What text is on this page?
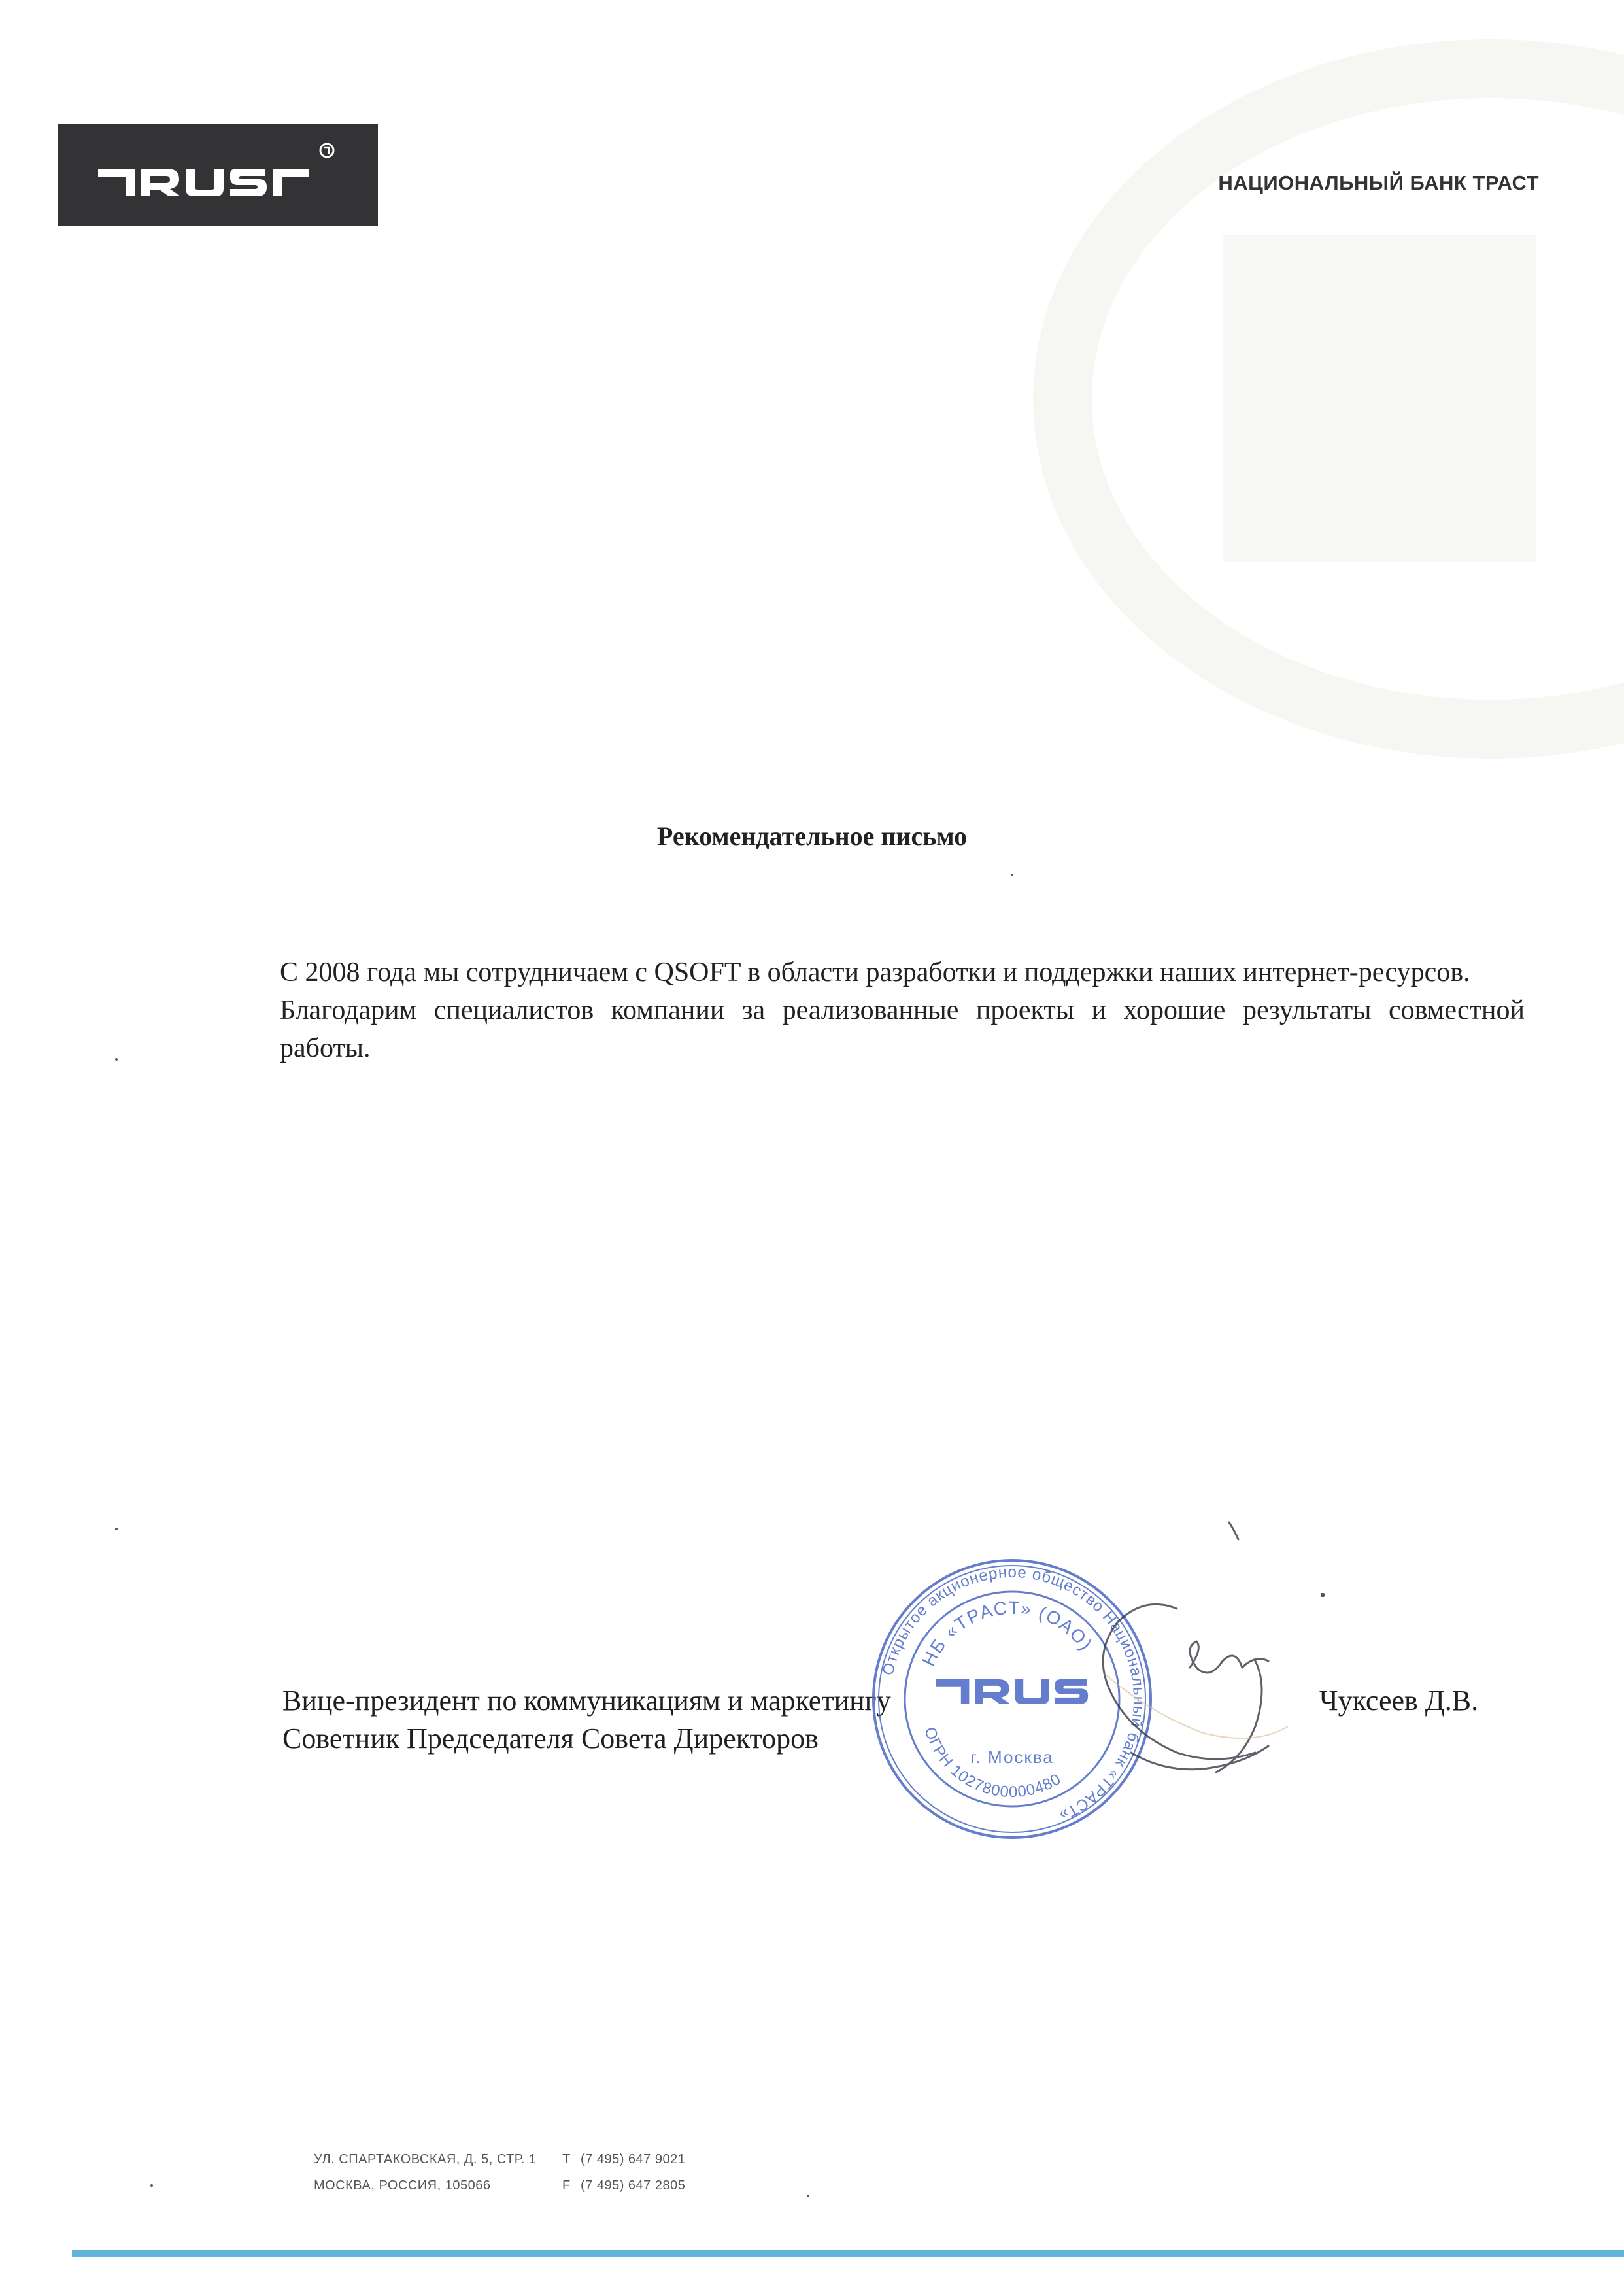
НАЦИОНАЛЬНЫЙ БАНК ТРАСТ
Рекомендательное письмо

С 2008 года мы сотрудничаем с QSOFT в области разработки и поддержки наших интернет-ресурсов.

Благодарим специалистов компании за реализованные проекты и хорошие результаты совместной работы.

Вице-президент по коммуникациям и маркетингу
Советник Председателя Совета Директоров
Открытое акционерное общество Национальный банк «ТРАСТ»
НБ «ТРАСТ» (ОАО)
ОГРН 1027800000480
г. Москва
Чуксеев Д.В.
УЛ. СПАРТАКОВСКАЯ, Д. 5, СТР. 1	Т (7 495) 647 9021
МОСКВА, РОССИЯ, 105066	F (7 495) 647 2805
